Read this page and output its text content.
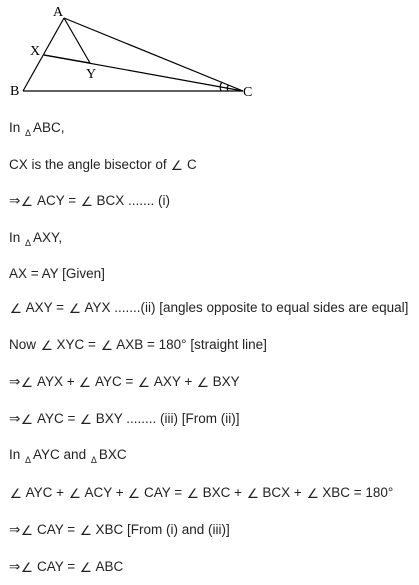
A
X
Y
B	C
In $_\Delta$ ABC,
CX is the angle bisector of ∠ C
⇒∠ ACY = ∠ BCX ....... (i)
In $_\Delta$ AXY,
AX = AY [Given]
∠ AXY = ∠ AYX .......(ii) [angles opposite to equal sides are equal]
Now ∠ XYC = ∠ AXB = 180° [straight line]
⇒∠ AYX + ∠ AYC = ∠ AXY + ∠ BXY
⇒∠ AYC = ∠ BXY ........ (iii) [From (ii)]
In $_\Delta$ AYC and $_\Delta$ BXC
∠ AYC + ∠ ACY + ∠ CAY = ∠ BXC + ∠ BCX + ∠ XBC = 180°
⇒∠ CAY = ∠ XBC [From (i) and (iii)]
⇒∠ CAY = ∠ ABC
